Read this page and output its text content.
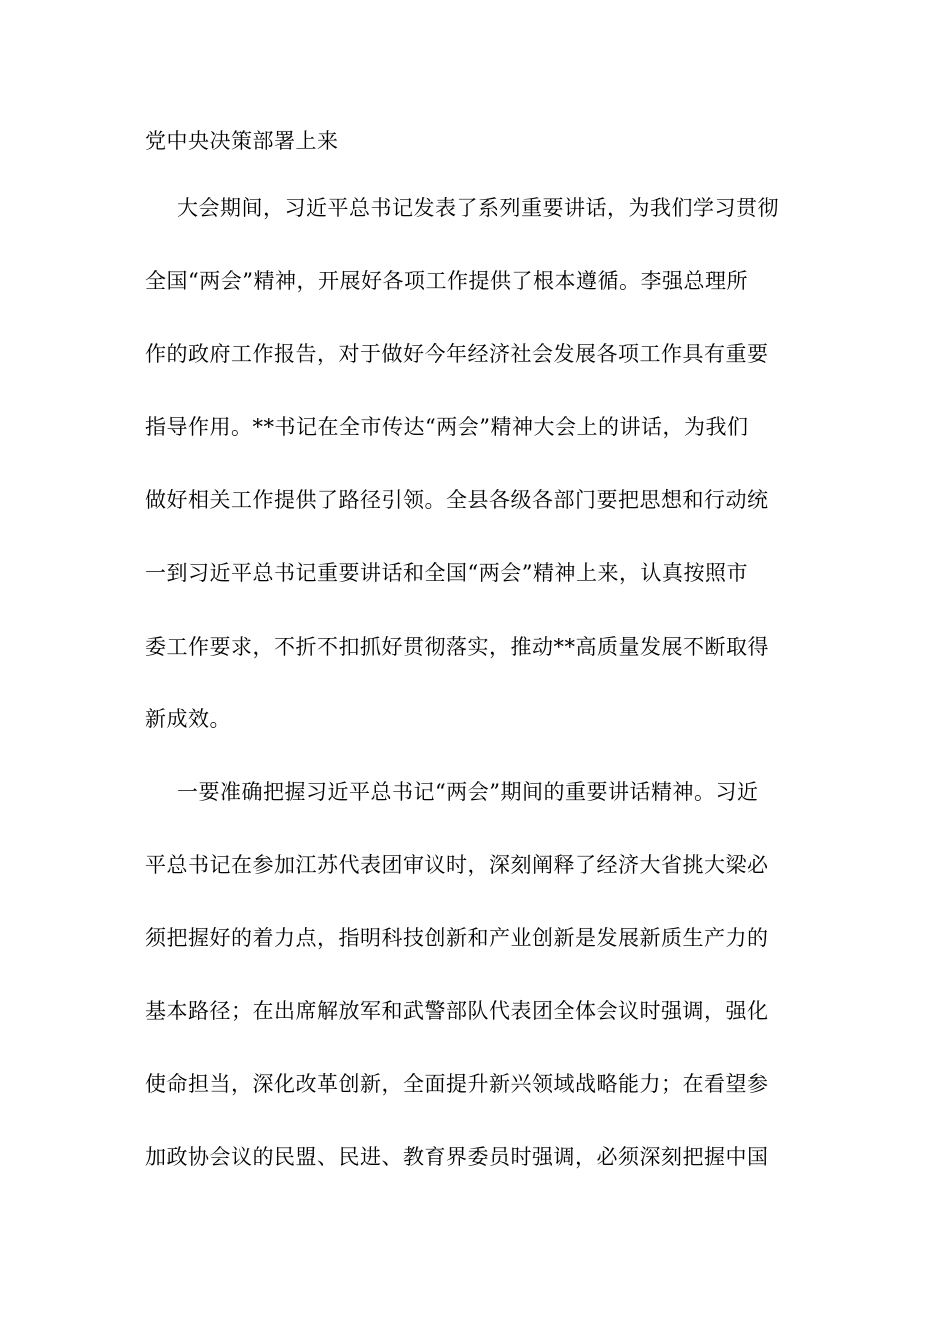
党中央决策部署上来
大会期间，习近平总书记发表了系列重要讲话，为我们学习贯彻
全国“两会”精神，开展好各项工作提供了根本遵循。李强总理所
作的政府工作报告，对于做好今年经济社会发展各项工作具有重要
指导作用。**书记在全市传达“两会”精神大会上的讲话，为我们
做好相关工作提供了路径引领。全县各级各部门要把思想和行动统
一到习近平总书记重要讲话和全国“两会”精神上来，认真按照市
委工作要求，不折不扣抓好贯彻落实，推动**高质量发展不断取得
新成效。
一要准确把握习近平总书记“两会”期间的重要讲话精神。习近
平总书记在参加江苏代表团审议时，深刻阐释了经济大省挑大梁必
须把握好的着力点，指明科技创新和产业创新是发展新质生产力的
基本路径；在出席解放军和武警部队代表团全体会议时强调，强化
使命担当，深化改革创新，全面提升新兴领域战略能力；在看望参
加政协会议的民盟、民进、教育界委员时强调，必须深刻把握中国
